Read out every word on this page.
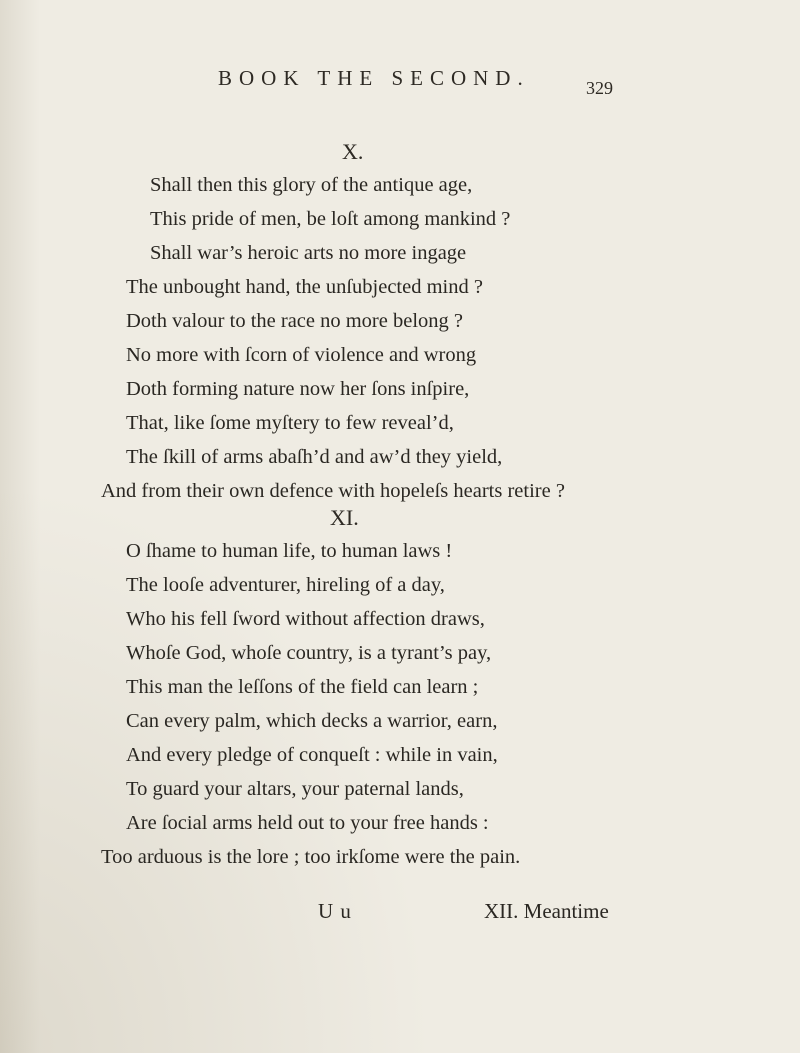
BOOK THE SECOND.	329
X.
Shall then this glory of the antique age,
This pride of men, be loſt among mankind ?
Shall war’s heroic arts no more ingage
The unbought hand, the unſubjected mind ?
Doth valour to the race no more belong ?
No more with ſcorn of violence and wrong
Doth forming nature now her ſons inſpire,
That, like ſome myſtery to few reveal’d,
The ſkill of arms abaſh’d and aw’d they yield,
And from their own defence with hopeleſs hearts retire ?
XI.
O ſhame to human life, to human laws !
The looſe adventurer, hireling of a day,
Who his fell ſword without affection draws,
Whoſe God, whoſe country, is a tyrant’s pay,
This man the leſſons of the field can learn ;
Can every palm, which decks a warrior, earn,
And every pledge of conqueſt : while in vain,
To guard your altars, your paternal lands,
Are ſocial arms held out to your free hands :
Too arduous is the lore ; too irkſome were the pain.
U u	XII. Meantime
